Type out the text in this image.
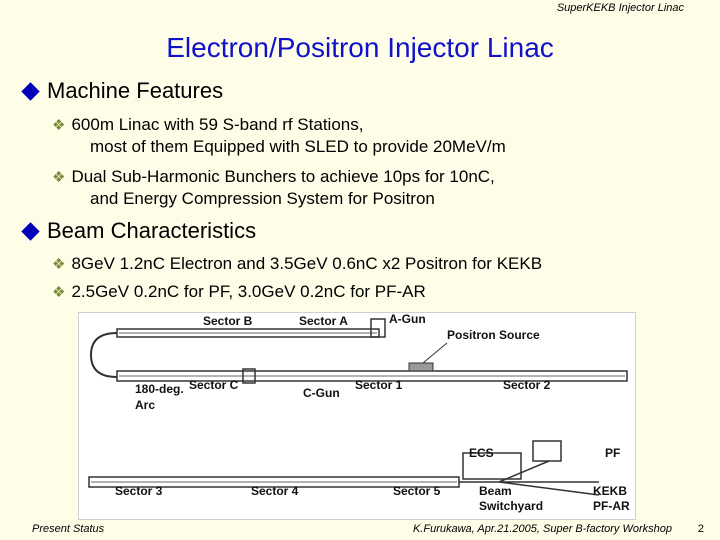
SuperKEKB Injector Linac
Electron/Positron Injector Linac
Machine Features
❖ 600m Linac with 59 S-band rf Stations,
most of them Equipped with SLED to provide 20MeV/m
❖ Dual Sub-Harmonic Bunchers to achieve 10ps for 10nC,
and Energy Compression System for Positron
Beam Characteristics
❖ 8GeV 1.2nC Electron and 3.5GeV 0.6nC x2 Positron for KEKB
❖ 2.5GeV 0.2nC for PF, 3.0GeV 0.2nC for PF-AR
Sector B	Sector A	A-Gun
Positron Source
180-deg.
Arc
Sector C
C-Gun
Sector 1	Sector 2
ECS	PF
Sector 3	Sector 4	Sector 5	Beam
Switchyard
KEKB
PF-AR
Present Status	K.Furukawa, Apr.21.2005, Super B-factory Workshop 2
